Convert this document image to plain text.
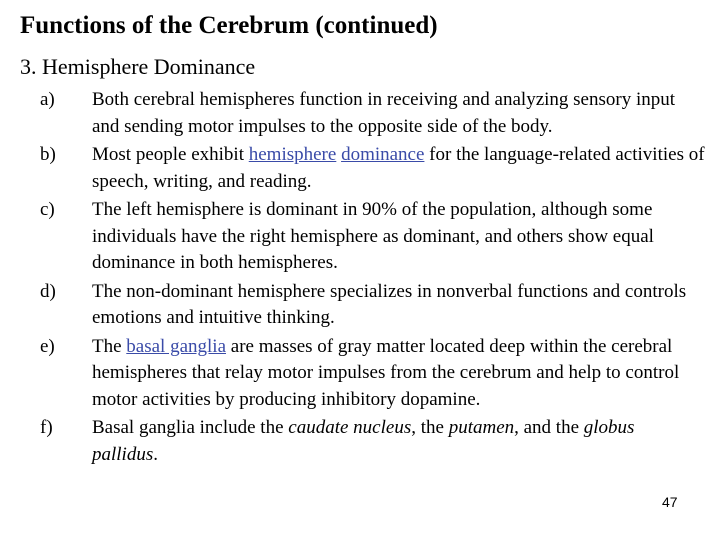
Functions of the Cerebrum (continued)
3. Hemisphere Dominance
a) Both cerebral hemispheres function in receiving and analyzing sensory input and sending motor impulses to the opposite side of the body.
b) Most people exhibit hemisphere dominance for the language-related activities of speech, writing, and reading.
c) The left hemisphere is dominant in 90% of the population, although some individuals have the right hemisphere as dominant, and others show equal dominance in both hemispheres.
d) The non-dominant hemisphere specializes in nonverbal functions and controls emotions and intuitive thinking.
e) The basal ganglia are masses of gray matter located deep within the cerebral hemispheres that relay motor impulses from the cerebrum and help to control motor activities by producing inhibitory dopamine.
f) Basal ganglia include the caudate nucleus, the putamen, and the globus pallidus.
47
